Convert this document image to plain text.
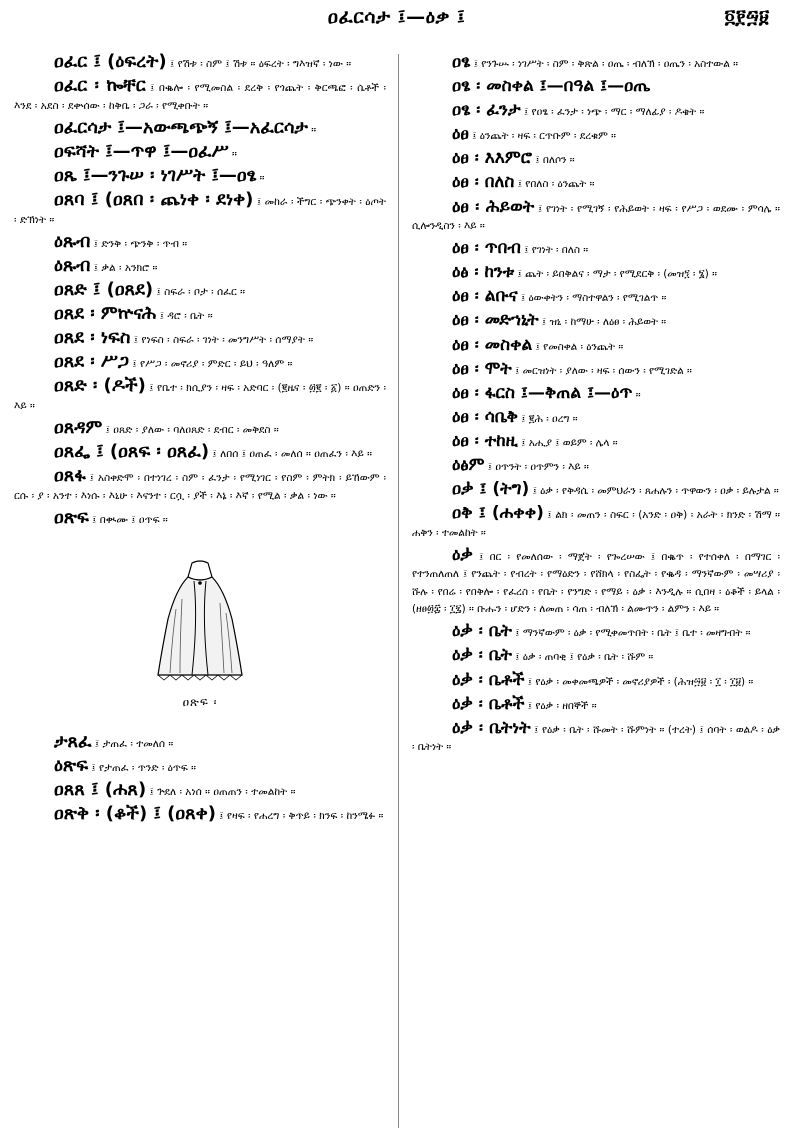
ዐፈርሳታ ፤—ዕቃ ፤	፬፻፵፱

ዐፈር ፤ (ዕፍረት) ፤ የሽቱ ፡ ስም ፤ ሽቱ ። ዕፍረት ፡ ግእዝኛ ፡ ነው ።

ዐፈር ፡ ኰቸር ፤ በቈሎ ፡ የሚመስል ፡ ደረቅ ፡ የጎጨት ፡ ቅርጫፎ ፡ ሴቶች ፡ እንደ ፡ አደስ ፡ ደቍሰው ፡ ከቅቤ ፡ ጋራ ፡ የሚቀቡት ።

ዐፈርሳታ ፤—አውጫጭኝ ፤—አፈርሳታ ።

ዐፍሻት ፤—ጥዋ ፤—ዐፈሥ ።

ዐጼ ፤—ንጉሠ ፡ ነገሥት ፤—ዐፄ ።

ዐጸባ ፤ (ዐጸበ ፡ ጨነቀ ፡ ደነቀ) ፤ መከራ ፡ ችግር ፡ ጭንቀት ፡ ዕጦት ፡ ድኽነት ።

ዕጹብ ፤ ድንቅ ፡ ጭንቅ ፡ ጥብ ።

ዕጹብ ፤ ቃል ፡ አንክሮ ።

ዐጸድ ፤ (ዐጸደ) ፤ ስፍራ ፡ ቦታ ፡ ሰፈር ።

ዐጸደ ፡ ምኵናሕ ፤ ዳሮ ፡ ቤት ።

ዐጸደ ፡ ነፍስ ፤ የነፍስ ፡ ስፍራ ፡ ገነት ፡ መንግሥት ፡ ሰማያት ።

ዐጸደ ፡ ሥጋ ፤ የሥጋ ፡ መኖሪያ ፡ ምድር ፡ ይህ ፡ ዓለም ።

ዐጸድ ፡ (ዶች) ፤ የቤተ ፡ ክሲያን ፡ ዛፍ ፡ አድባር ፡ (፪ዜና ፡ ፴፪ ፡ ፩) ። ዐጠድን ፡ እይ ።

ዐጸዳም ፤ ዐጸድ ፡ ያለው ፡ ባለዐጸድ ፡ ደብር ፡ መቅደስ ።

ዐጸፌ ፤ (ዐጸፍ ፡ ዐጸፈ) ፤ ለበሰ ፤ ዐጠፈ ፡ መለሰ ። ዐጠፈን ፡ እይ ።

ዐጸፋ ፤ አስቀድሞ ፡ በተነገረ ፡ ስም ፡ ፈንታ ፡ የሚነገር ፡ የስም ፡ ምትክ ፡ ይኸውም ፡ ርሱ ፡ ያ ፡ አንተ ፡ እነሱ ፡ እኒሁ ፡ እናንተ ፡ ርሷ ፡ ያች ፡ እኔ ፡ እኛ ፡ የሚል ፡ ቃል ፡ ነው ።

ዐጽፍ ፤ በቊሙ ፤ ዐጥፍ ።

ዐጽፍ ፡

ታጸፈ ፤ ታጠፈ ፡ ተመለሰ ።

ዕጽፍ ፤ የታጠፈ ፡ ጥንድ ፡ ዕጥፍ ።

ዐጸጸ ፤ (ሐጸ) ፤ ጕደለ ፡ አነሰ ። ዐጠጠን ፡ ተመልከት ።

ዐጽቅ ፡ (ቆች) ፤ (ዐጸቀ) ፤ የዛፍ ፡ የሐረግ ፡ ቅጥይ ፡ ክንፍ ፡ ከንሜፉ ።

ዐፄ ፤ የንጉሡ ፡ ነገሥት ፡ ስም ፡ ቅጽል ፡ ዐጤ ፡ ብለኽ ፡ ዐጤን ፡ አስተውል ።

ዐፄ ፡ መስቀል ፤—በዓል ፤—ዐጤ

ዐፄ ፡ ፈንታ ፤ የዐፄ ፡ ፈንታ ፡ ነጭ ፡ ማር ፡ ማለፊያ ፡ ዶቄት ።

ዕፀ ፤ ዕንጨት ፡ ዛፍ ፡ ርጥቡም ፡ ደረቁም ።

ዕፀ ፡ እእምሮ ፤ በለሶን ።

ዕፀ ፡ በለስ ፤ የበለስ ፡ ዕንጨት ።

ዕፀ ፡ ሕይወት ፤ የገነት ፡ የሚገኝ ፡ የሕይወት ፡ ዛፍ ፡ የሥጋ ፡ ወደሙ ፡ ምሳሌ ። ሲሎንዲስን ፡ እይ ።

ዕፀ ፡ ጥበብ ፤ የገነት ፡ በለስ ።

ዕፅ ፡ ከንቱ ፤ ጨት ፡ ይበቅልና ፡ ማታ ፡ የሚደርቅ ፡ (መዝ፺ ፡ ፮) ።

ዕፀ ፡ ልቡና ፤ ዕውቀትን ፡ ማስተዋልን ፡ የሚገልጥ ።

ዕፀ ፡ መድኀኒት ፤ ዝኒ ፡ ከማሁ ፡ ለዕፀ ፡ ሕይወት ።

ዕፀ ፡ መስቀል ፤ የመስቀል ፡ ዕንጨት ።

ዕፀ ፡ ሞት ፤ መርዝነት ፡ ያለው ፡ ዛፍ ፡ ሰውን ፡ የሚገድል ።

ዕፀ ፡ ፋርስ ፤—ቅጠል ፤—ዕጥ ።

ዕፀ ፡ ሳቤቅ ፤ ፪ሕ ፡ ዐረግ ።

ዕፀ ፡ ተከዚ ፤ አሒያ ፤ ወይም ፡ ሌላ ።

ዕፅም ፤ ዐጥንት ፡ ዐጥምን ፡ እይ ።

ዐቃ ፤ (ትግ) ፤ ዕቃ ፡ የቅዳሴ ፡ መምህራን ፡ ጸሐሉን ፡ ጥዋውን ፡ ዐቃ ፡ ይሉታል ።

ዐቅ ፤ (ሐቀቀ) ፤ ልክ ፡ መጠን ፡ ስፍር ፡ (አንድ ፡ ዐቅ) ፡ አራት ፡ ክንድ ፡ ሽማ ። ሐቅን ፡ ተመልከት ።

ዕቃ ፤ በር ፡ የመለሰው ፡ ማጀት ፡ የጐረሠው ፤ በቈጥ ፡ የተሰቀለ ፡ በማገር ፡ የተንጠለጠለ ፤ የንጨት ፡ የብረት ፡ የማዕድን ፡ የሸክላ ፡ የስፌት ፡ የቈዳ ፡ ማንኛውም ፡ መሣሪያ ፡ ሹሉ ፡ የበሬ ፡ የበቅሎ ፡ የፈረስ ፡ የቤት ፡ የንግድ ፡ የማይ ፡ ዕቃ ፡ እንዲሉ ። ሲበዛ ፡ ዕቆች ፡ ይላል ፡ (ዘፀ፴፰ ፡ ፲፯) ። ቡሑን ፡ ሆድን ፡ ለመጠ ፡ ሳጠ ፡ ብለኽ ፡ ልሙጥን ፡ ልምን ፡ እይ ።

ዕቃ ፡ ቤት ፤ ማንኛውም ፡ ዕቃ ፡ የሚቀመጥበት ፡ ቤት ፤ ቤተ ፡ መዛግብት ።

ዕቃ ፡ ቤት ፤ ዕቃ ፡ ጠባቂ ፤ የዕቃ ፡ ቤት ፡ ሹም ።

ዕቃ ፡ ቤቶች ፤ የዕቃ ፡ መቀመጫዎች ፡ መኖሪያዎች ፡ (ሕዝ፵፱ ፡ ፲ ፡ ፲፱) ።

ዕቃ ፡ ቤቶች ፤ የዕቃ ፡ ዘበኞች ።

ዕቃ ፡ ቤትነት ፤ የዕቃ ፡ ቤት ፡ ሹመት ፡ ሹምነት ። (ተረት) ፤ ሰባት ፡ ወልዶ ፡ ዕቃ ፡ ቤትነት ።
